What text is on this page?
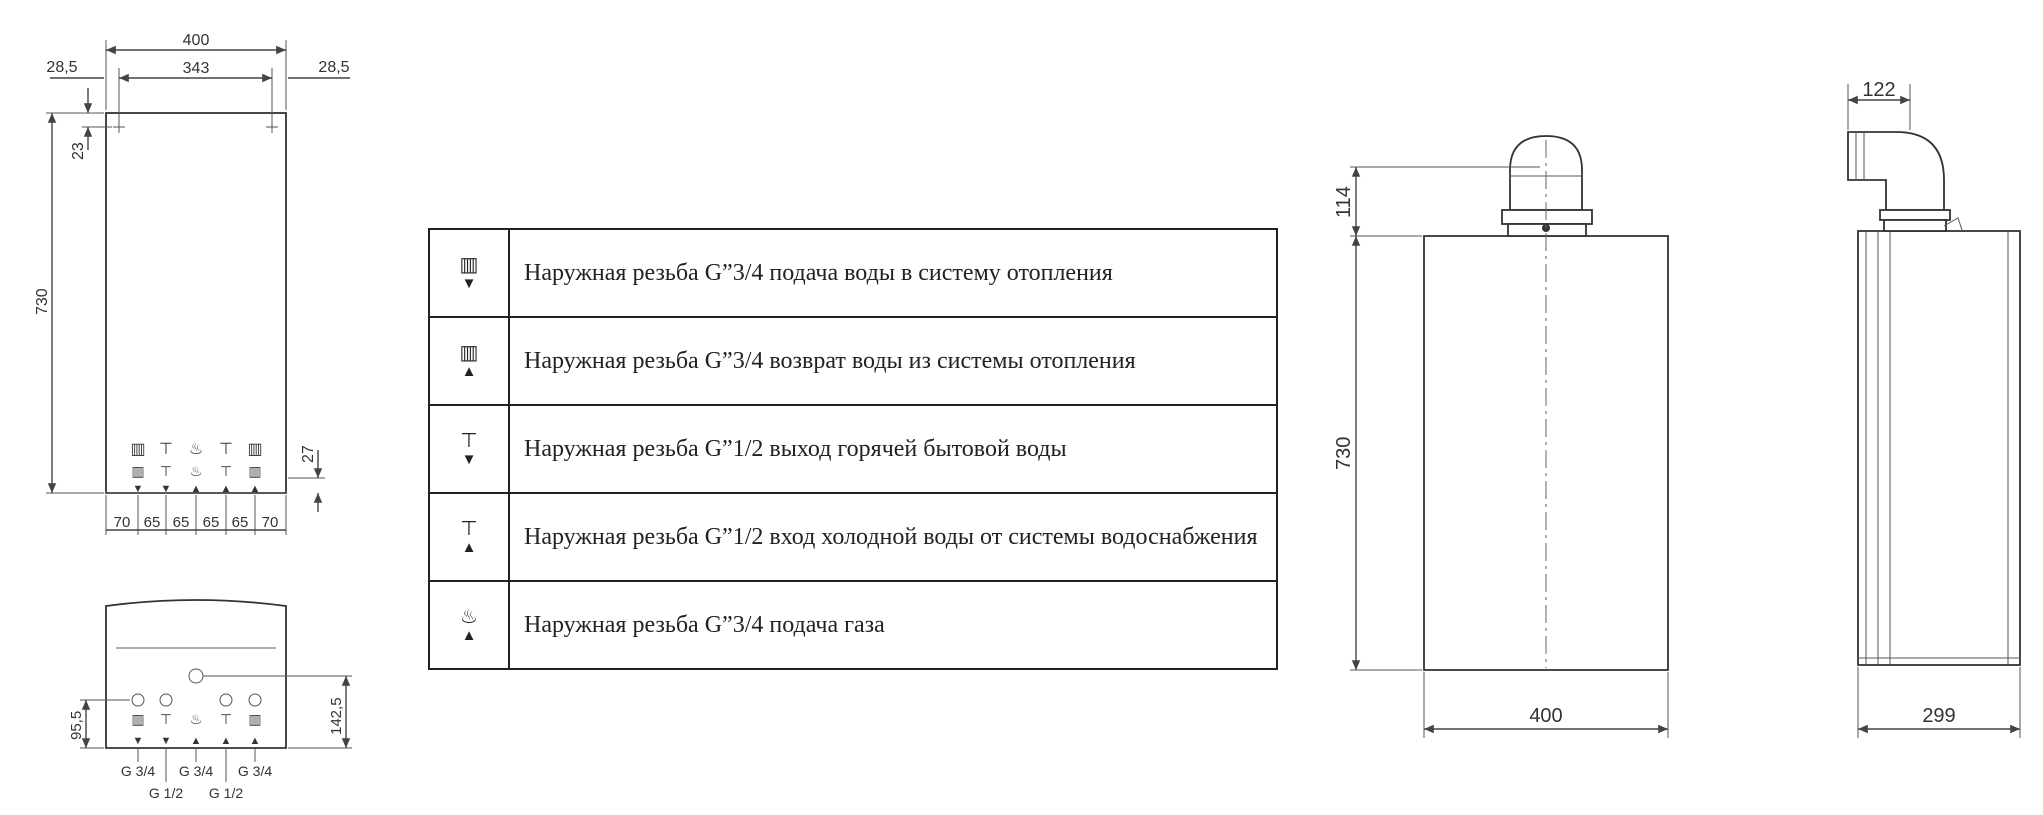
400
343
28,5	28,5
23
730
27
▥ ⊤ ♨ ⊤ ▥
▥ ⊤ ♨ ⊤ ▥
▼ ▼ ▲ ▲ ▲
70 65 65 65 65 70
▥ ⊤ ♨ ⊤ ▥
▼ ▼ ▲ ▲ ▲
95,5	142,5
G 3/4 G 3/4 G 3/4
G 1/2 G 1/2
114
730
400
122
299
▥
▼	Наружная резьба G”3/4 подача воды в систему отопления
▥
▲	Наружная резьба G”3/4 возврат воды из системы отопления
⊤
▼	Наружная резьба G”1/2 выход горячей бытовой воды
⊤
▲	Наружная резьба G”1/2 вход холодной воды от системы водоснабжения
♨
▲	Наружная резьба G”3/4 подача газа
